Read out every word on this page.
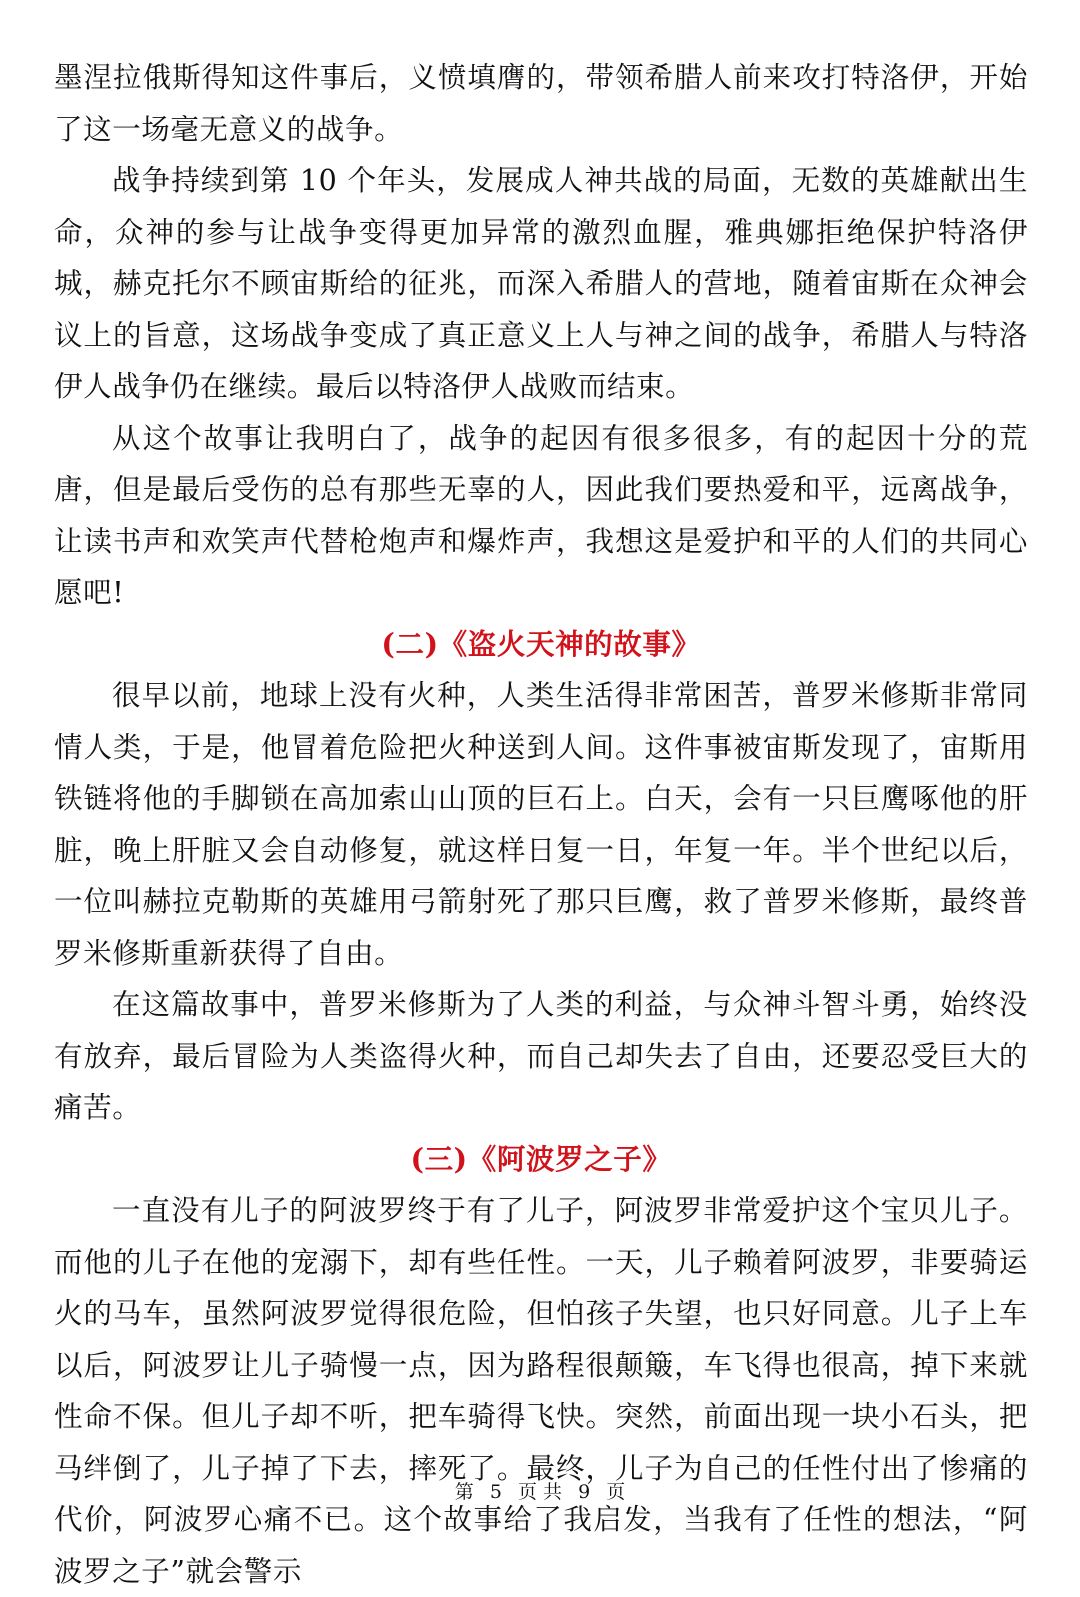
墨涅拉俄斯得知这件事后，义愤填膺的，带领希腊人前来攻打特洛伊，开始了这一场毫无意义的战争。

战争持续到第 10 个年头，发展成人神共战的局面，无数的英雄献出生命，众神的参与让战争变得更加异常的激烈血腥，雅典娜拒绝保护特洛伊城，赫克托尔不顾宙斯给的征兆，而深入希腊人的营地，随着宙斯在众神会议上的旨意，这场战争变成了真正意义上人与神之间的战争，希腊人与特洛伊人战争仍在继续。最后以特洛伊人战败而结束。

从这个故事让我明白了，战争的起因有很多很多，有的起因十分的荒唐，但是最后受伤的总有那些无辜的人，因此我们要热爱和平，远离战争，让读书声和欢笑声代替枪炮声和爆炸声，我想这是爱护和平的人们的共同心愿吧!

(二)《盗火天神的故事》

很早以前，地球上没有火种，人类生活得非常困苦，普罗米修斯非常同情人类，于是，他冒着危险把火种送到人间。这件事被宙斯发现了，宙斯用铁链将他的手脚锁在高加索山山顶的巨石上。白天，会有一只巨鹰啄他的肝脏，晚上肝脏又会自动修复，就这样日复一日，年复一年。半个世纪以后，一位叫赫拉克勒斯的英雄用弓箭射死了那只巨鹰，救了普罗米修斯，最终普罗米修斯重新获得了自由。

在这篇故事中，普罗米修斯为了人类的利益，与众神斗智斗勇，始终没有放弃，最后冒险为人类盗得火种，而自己却失去了自由，还要忍受巨大的痛苦。

(三)《阿波罗之子》

一直没有儿子的阿波罗终于有了儿子，阿波罗非常爱护这个宝贝儿子。而他的儿子在他的宠溺下，却有些任性。一天，儿子赖着阿波罗，非要骑运火的马车，虽然阿波罗觉得很危险，但怕孩子失望，也只好同意。儿子上车以后，阿波罗让儿子骑慢一点，因为路程很颠簸，车飞得也很高，掉下来就性命不保。但儿子却不听，把车骑得飞快。突然，前面出现一块小石头，把马绊倒了，儿子掉了下去，摔死了。最终，儿子为自己的任性付出了惨痛的代价，阿波罗心痛不已。这个故事给了我启发，当我有了任性的想法，“阿波罗之子”就会警示

第 5 页 共 9 页
